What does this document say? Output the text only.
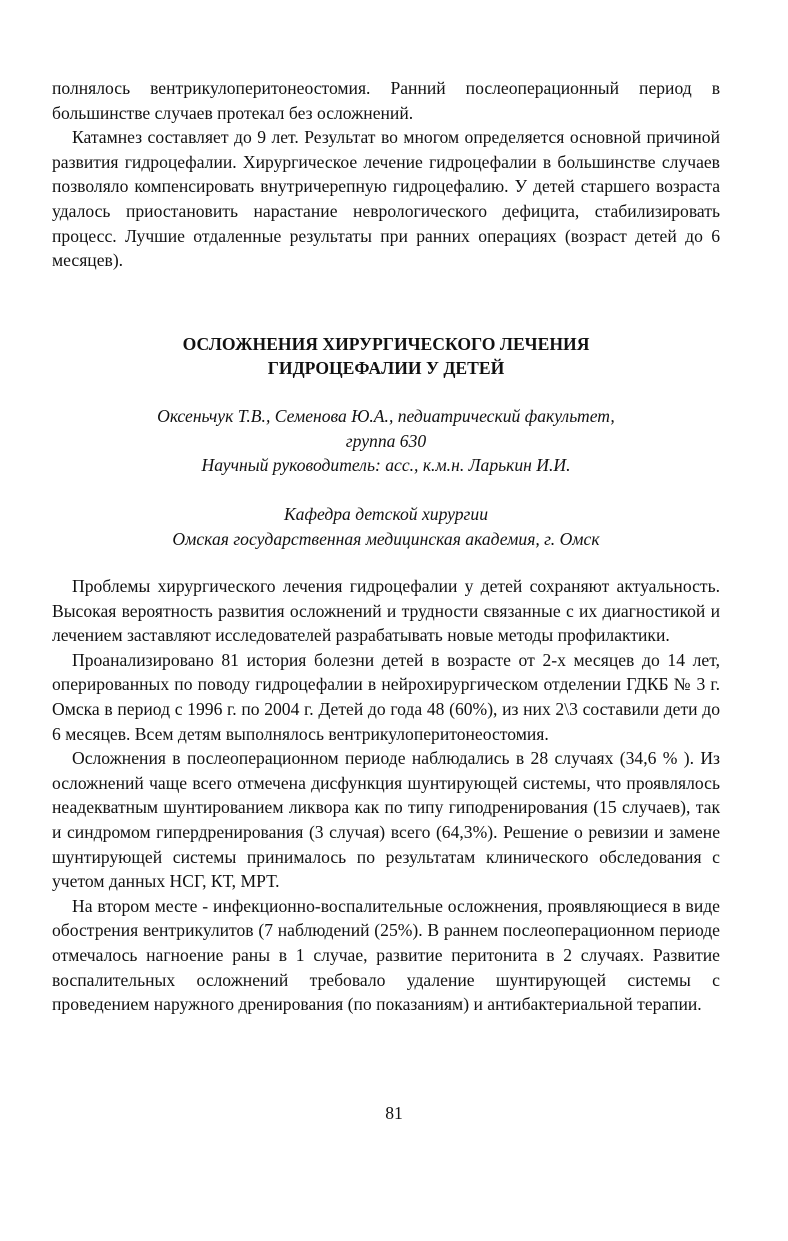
полнялось вентрикулоперитонеостомия. Ранний послеоперационный период в большинстве случаев протекал без осложнений.

Катамнез составляет до 9 лет. Результат во многом определяется основной причиной развития гидроцефалии. Хирургическое лечение гидроцефалии в большинстве случаев позволяло компенсировать внутричерепную гидроцефалию. У детей старшего возраста удалось приостановить нарастание неврологического дефицита, стабилизировать процесс. Лучшие отдаленные результаты при ранних операциях (возраст детей до 6 месяцев).

ОСЛОЖНЕНИЯ ХИРУРГИЧЕСКОГО ЛЕЧЕНИЯ
ГИДРОЦЕФАЛИИ У ДЕТЕЙ
Оксеньчук Т.В., Семенова Ю.А., педиатрический факультет,
группа 630
Научный руководитель: асс., к.м.н. Ларькин И.И.
Кафедра детской хирургии
Омская государственная медицинская академия, г. Омск

Проблемы хирургического лечения гидроцефалии у детей сохраняют актуальность. Высокая вероятность развития осложнений и трудности связанные с их диагностикой и лечением заставляют исследователей разрабатывать новые методы профилактики.

Проанализировано 81 история болезни детей в возрасте от 2-х месяцев до 14 лет, оперированных по поводу гидроцефалии в нейрохирургическом отделении ГДКБ № 3 г. Омска в период с 1996 г. по 2004 г. Детей до года 48 (60%), из них 2\3 составили дети до 6 месяцев. Всем детям выполнялось вентрикулоперитонеостомия.

Осложнения в послеоперационном периоде наблюдались в 28 случаях (34,6 % ). Из осложнений чаще всего отмечена дисфункция шунтирующей системы, что проявлялось неадекватным шунтированием ликвора как по типу гиподренирования (15 случаев), так и синдромом гипердренирования (3 случая) всего (64,3%). Решение о ревизии и замене шунтирующей системы принималось по результатам клинического обследования с учетом данных НСГ, КТ, МРТ.

На втором месте - инфекционно-воспалительные осложнения, проявляющиеся в виде обострения вентрикулитов (7 наблюдений (25%). В раннем послеоперационном периоде отмечалось нагноение раны в 1 случае, развитие перитонита в 2 случаях. Развитие воспалительных осложнений требовало удаление шунтирующей системы с проведением наружного дренирования (по показаниям) и антибактериальной терапии.

81
